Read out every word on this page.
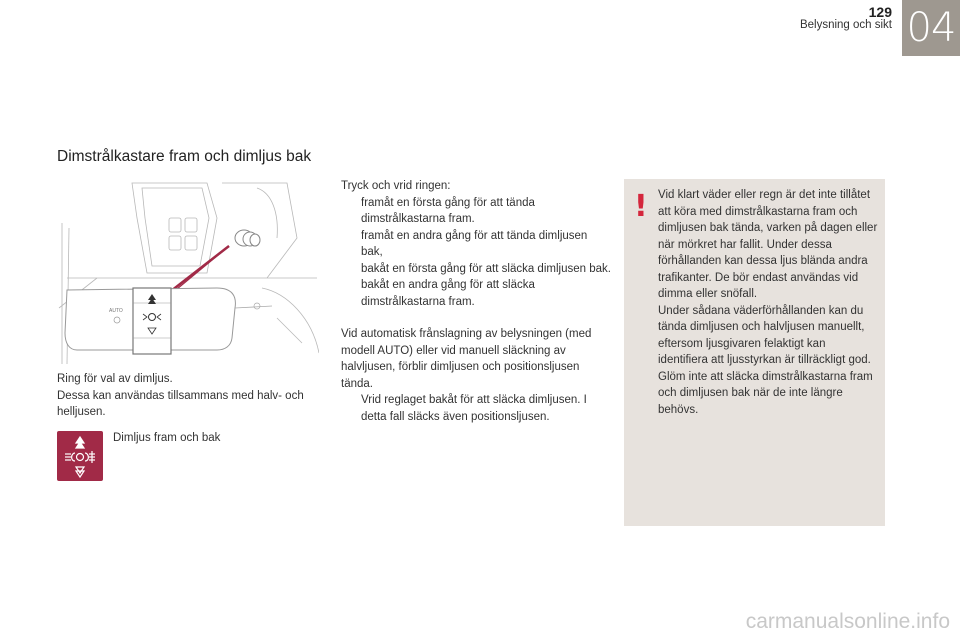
129
Belysning och sikt 04
Dimstrålkastare fram och dimljus bak
AUTO

Ring för val av dimljus.

Dessa kan användas tillsammans med halv- och helljusen.

Dimljus fram och bak

Tryck och vrid ringen:

framåt en första gång för att tända dimstrålkastarna fram.
framåt en andra gång för att tända dimljusen bak,
bakåt en första gång för att släcka dimljusen bak.
bakåt en andra gång för att släcka dimstrålkastarna fram.

Vid automatisk frånslagning av belysningen (med modell AUTO) eller vid manuell släckning av halvljusen, förblir dimljusen och positionsljusen tända.

Vrid reglaget bakåt för att släcka dimljusen. I detta fall släcks även positionsljusen.
! Vid klart väder eller regn är det inte tillåtet att köra med dimstrålkastarna fram och dimljusen bak tända, varken på dagen eller när mörkret har fallit. Under dessa förhållanden kan dessa ljus blända andra trafikanter. De bör endast användas vid dimma eller snöfall.

Under sådana väderförhållanden kan du tända dimljusen och halvljusen manuellt, eftersom ljusgivaren felaktigt kan identifiera att ljusstyrkan är tillräckligt god.

Glöm inte att släcka dimstrålkastarna fram och dimljusen bak när de inte längre behövs.

carmanualsonline.info
